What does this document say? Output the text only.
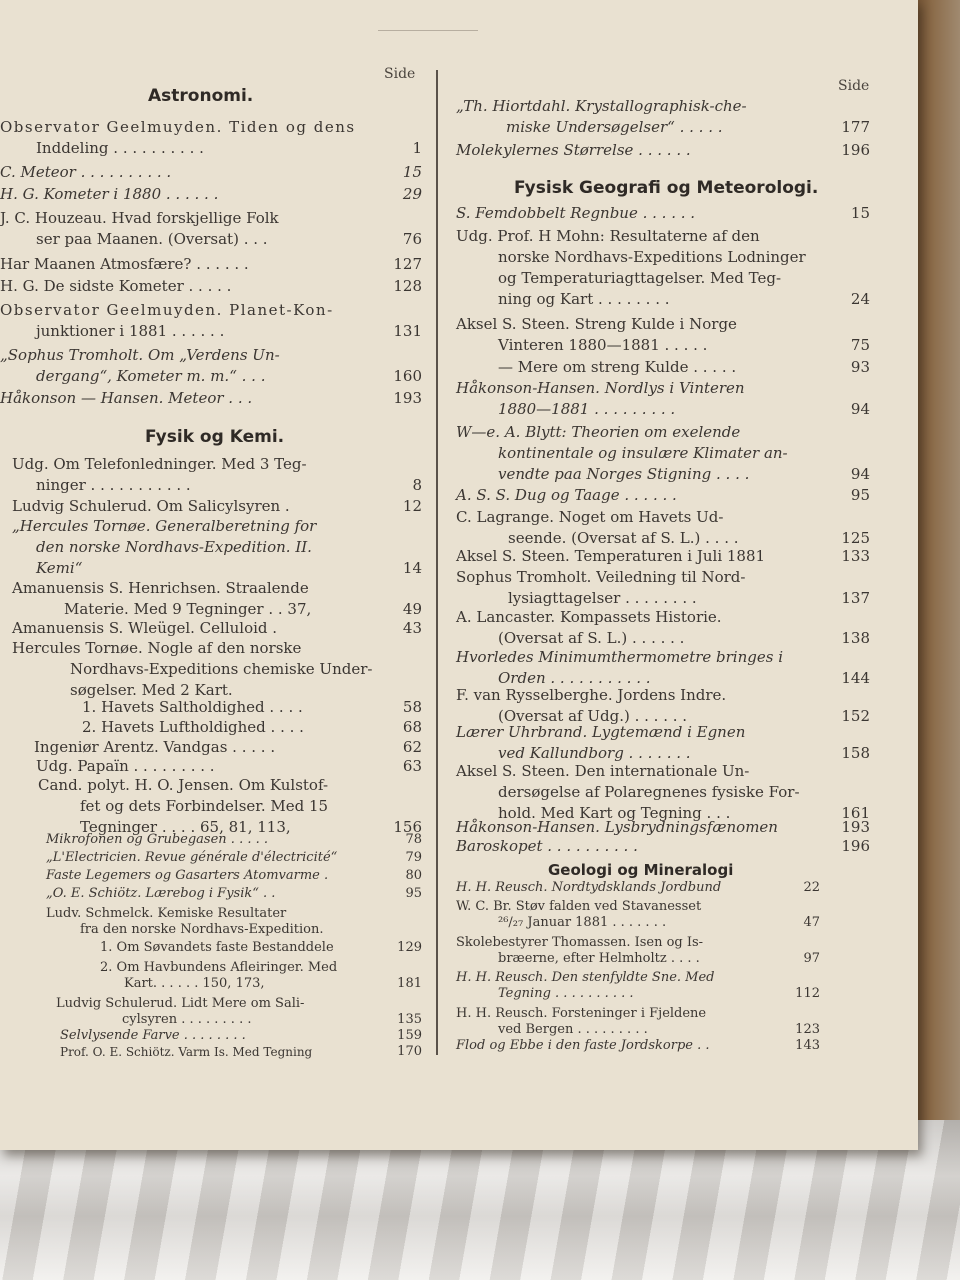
Side
Astronomi.
Observator Geelmuyden. Tiden og dens
Inddeling . . . . . . . . . .	1
C. Meteor . . . . . . . . . .	15
H. G. Kometer i 1880 . . . . . .	29
J. C. Houzeau. Hvad forskjellige Folk
ser paa Maanen. (Oversat) . . .	76
Har Maanen Atmosfære? . . . . . .	127
H. G. De sidste Kometer . . . . .	128
Observator Geelmuyden. Planet-Kon-
junktioner i 1881 . . . . . .	131
„Sophus Tromholt. Om „Verdens Un-
dergang“, Kometer m. m.“ . . .	160
Håkonson — Hansen. Meteor . . .	193
Fysik og Kemi.
Udg. Om Telefonledninger. Med 3 Teg-
ninger . . . . . . . . . . .	8
Ludvig Schulerud. Om Salicylsyren .	12
„Hercules Tornøe. Generalberetning for
den norske Nordhavs-Expedition. II.
Kemi“	14
Amanuensis S. Henrichsen. Straalende
Materie. Med 9 Tegninger . . 37,	49
Amanuensis S. Wleügel. Celluloid .	43
Hercules Tornøe. Nogle af den norske
Nordhavs-Expeditions chemiske Under-
søgelser. Med 2 Kart.
1. Havets Saltholdighed . . . .	58
2. Havets Luftholdighed . . . .	68
Ingeniør Arentz. Vandgas . . . . .	62
Udg. Papaïn . . . . . . . . .	63
Cand. polyt. H. O. Jensen. Om Kulstof-
fet og dets Forbindelser. Med 15
Tegninger . . . . 65, 81, 113,	156
Mikrofonen og Grubegasen . . . . .	78
„L'Electricien. Revue générale d'électricité“	79
Faste Legemers og Gasarters Atomvarme .	80
„O. E. Schiötz. Lærebog i Fysik“ . .	95
Ludv. Schmelck. Kemiske Resultater
fra den norske Nordhavs-Expedition.
1. Om Søvandets faste Bestanddele	129
2. Om Havbundens Afleiringer. Med
Kart. . . . . . 150, 173,	181
Ludvig Schulerud. Lidt Mere om Sali-
cylsyren . . . . . . . . .	135
Selvlysende Farve . . . . . . . .	159
Prof. O. E. Schiötz. Varm Is. Med Tegning	170
Side
„Th. Hiortdahl. Krystallographisk-che-
miske Undersøgelser“ . . . . .	177
Molekylernes Størrelse . . . . . .	196
Fysisk Geografi og Meteorologi.
S. Femdobbelt Regnbue . . . . . .	15
Udg. Prof. H Mohn: Resultaterne af den
norske Nordhavs-Expeditions Lodninger
og Temperaturiagttagelser. Med Teg-
ning og Kart . . . . . . . .	24
Aksel S. Steen. Streng Kulde i Norge
Vinteren 1880—1881 . . . . .	75
— Mere om streng Kulde . . . . .	93
Håkonson-Hansen. Nordlys i Vinteren
1880—1881 . . . . . . . . .	94
W—e. A. Blytt: Theorien om exelende
kontinentale og insulære Klimater an-
vendte paa Norges Stigning . . . .	94
A. S. S. Dug og Taage . . . . . .	95
C. Lagrange. Noget om Havets Ud-
seende. (Oversat af S. L.) . . . .	125
Aksel S. Steen. Temperaturen i Juli 1881	133
Sophus Tromholt. Veiledning til Nord-
lysiagttagelser . . . . . . . .	137
A. Lancaster. Kompassets Historie.
(Oversat af S. L.) . . . . . .	138
Hvorledes Minimumthermometre bringes i
Orden . . . . . . . . . . .	144
F. van Rysselberghe. Jordens Indre.
(Oversat af Udg.) . . . . . .	152
Lærer Uhrbrand. Lygtemænd i Egnen
ved Kallundborg . . . . . . .	158
Aksel S. Steen. Den internationale Un-
dersøgelse af Polaregnenes fysiske For-
hold. Med Kart og Tegning . . .	161
Håkonson-Hansen. Lysbrydningsfænomen	193
Baroskopet . . . . . . . . . .	196
Geologi og Mineralogi
H. H. Reusch. Nordtydsklands Jordbund	22
W. C. Br. Støv falden ved Stavanesset
²⁶/₂₇ Januar 1881 . . . . . . .	47
Skolebestyrer Thomassen. Isen og Is-
bræerne, efter Helmholtz . . . .	97
H. H. Reusch. Den stenfyldte Sne. Med
Tegning . . . . . . . . . .	112
H. H. Reusch. Forsteninger i Fjeldene
ved Bergen . . . . . . . . .	123
Flod og Ebbe i den faste Jordskorpe . .	143
